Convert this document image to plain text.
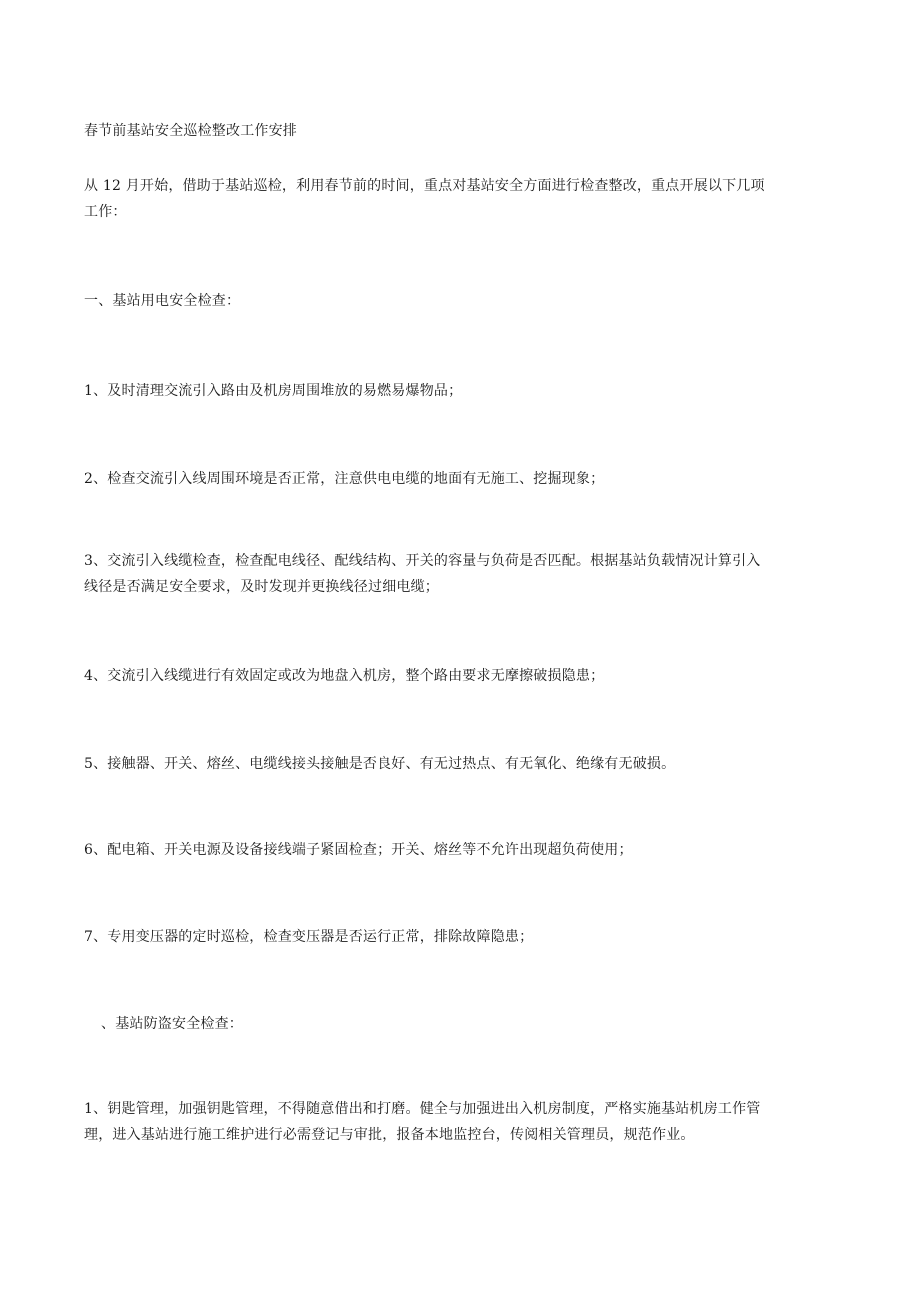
春节前基站安全巡检整改工作安排
从 12 月开始，借助于基站巡检，利用春节前的时间，重点对基站安全方面进行检查整改，重点开展以下几项
工作：
一、基站用电安全检查：
1、及时清理交流引入路由及机房周围堆放的易燃易爆物品；
2、检查交流引入线周围环境是否正常，注意供电电缆的地面有无施工、挖掘现象；
3、交流引入线缆检查，检查配电线径、配线结构、开关的容量与负荷是否匹配。根据基站负载情况计算引入
线径是否满足安全要求，及时发现并更换线径过细电缆；
4、交流引入线缆进行有效固定或改为地盘入机房，整个路由要求无摩擦破损隐患；
5、接触器、开关、熔丝、电缆线接头接触是否良好、有无过热点、有无氧化、绝缘有无破损。
6、配电箱、开关电源及设备接线端子紧固检查；开关、熔丝等不允许出现超负荷使用；
7、专用变压器的定时巡检，检查变压器是否运行正常，排除故障隐患；
、基站防盗安全检查：
1、钥匙管理，加强钥匙管理，不得随意借出和打磨。健全与加强进出入机房制度，严格实施基站机房工作管
理，进入基站进行施工维护进行必需登记与审批，报备本地监控台，传阅相关管理员，规范作业。
